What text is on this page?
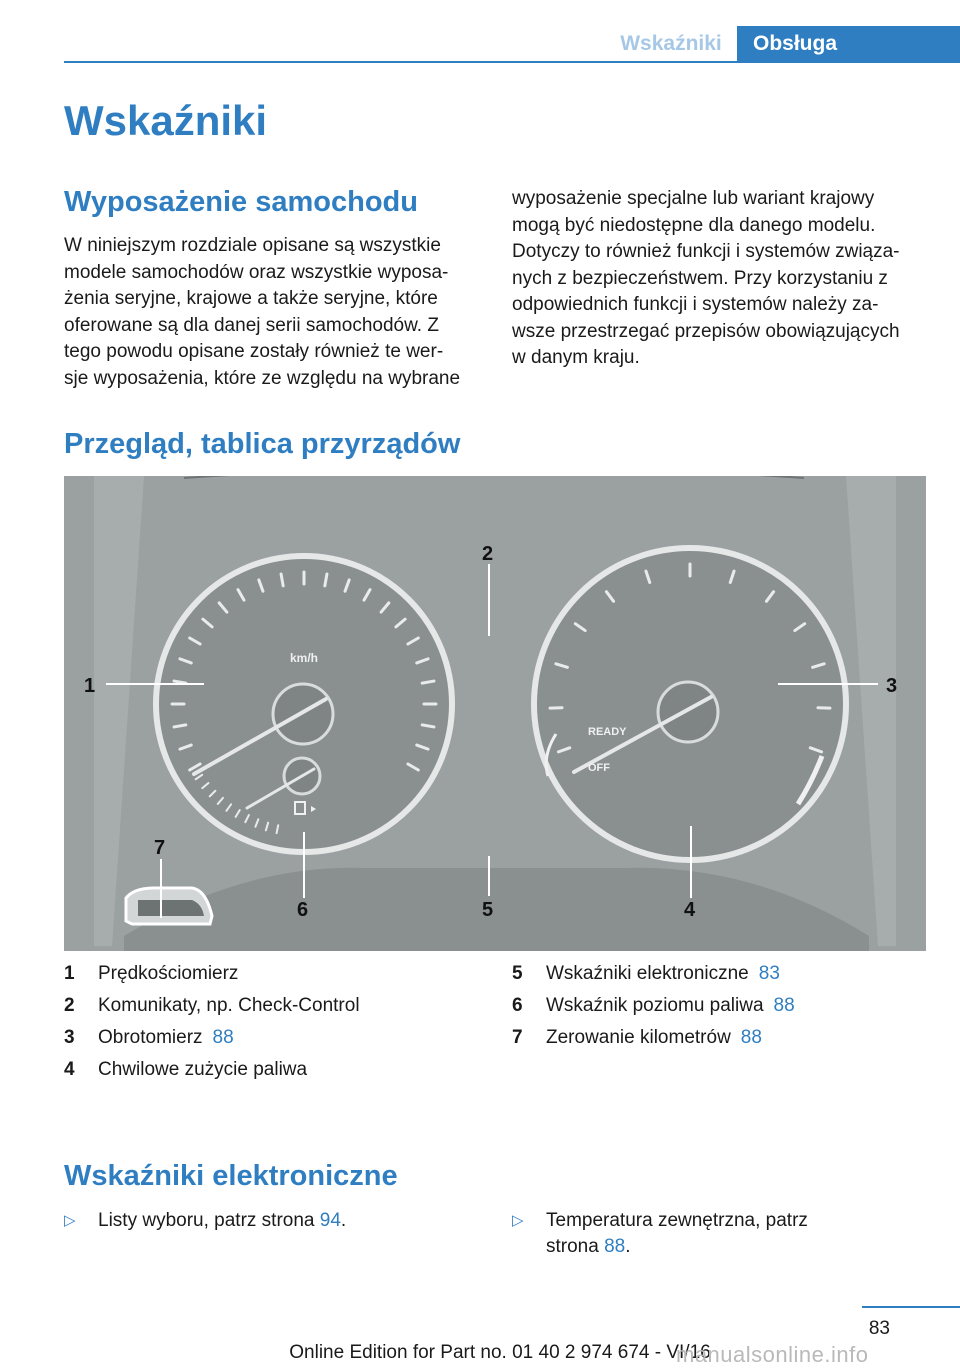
Wskaźniki	Obsługa
Wskaźniki
Wyposażenie samochodu

W niniejszym rozdziale opisane są wszystkie
modele samochodów oraz wszystkie wyposa‐
żenia seryjne, krajowe a także seryjne, które
oferowane są dla danej serii samochodów. Z
tego powodu opisane zostały również te wer‐
sje wyposażenia, które ze względu na wybrane

wyposażenie specjalne lub wariant krajowy
mogą być niedostępne dla danego modelu.
Dotyczy to również funkcji i systemów związa‐
nych z bezpieczeństwem. Przy korzystaniu z
odpowiednich funkcji i systemów należy za‐
wsze przestrzegać przepisów obowiązujących
w danym kraju.

Przegląd, tablica przyrządów
km/h
READY
OFF
1
2
3
4
5
6
7
1 Prędkościomierz
2 Komunikaty, np. Check-Control
3 Obrotomierz 88
4 Chwilowe zużycie paliwa
5 Wskaźniki elektroniczne 83
6 Wskaźnik poziomu paliwa 88
7 Zerowanie kilometrów 88
Wskaźniki elektroniczne
▷ Listy wyboru, patrz strona 94.	▷ Temperatura zewnętrzna, patrz
strona 88.
83
Online Edition for Part no. 01 40 2 974 674 - VI/16
manualsonline.info
